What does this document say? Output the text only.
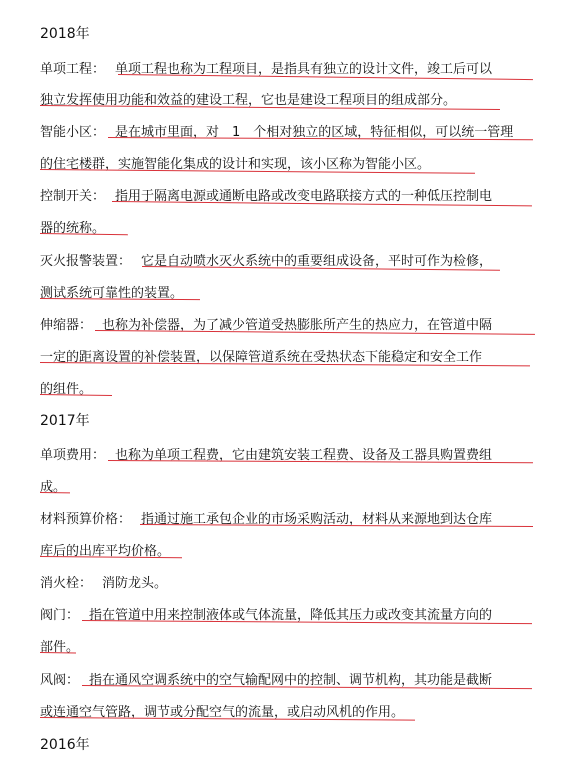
2018年
单项工程： 单项工程也称为工程项目，是指具有独立的设计文件，竣工后可以
独立发挥使用功能和效益的建设工程，它也是建设工程项目的组成部分。
智能小区： 是在城市里面，对　1　个相对独立的区域，特征相似，可以统一管理
的住宅楼群，实施智能化集成的设计和实现，该小区称为智能小区。
控制开关： 指用于隔离电源或通断电路或改变电路联接方式的一种低压控制电
器的统称。
灭火报警装置： 它是自动喷水灭火系统中的重要组成设备，平时可作为检修，
测试系统可靠性的装置。
伸缩器： 也称为补偿器，为了减少管道受热膨胀所产生的热应力，在管道中隔
一定的距离设置的补偿装置，以保障管道系统在受热状态下能稳定和安全工作
的组件。
2017年
单项费用： 也称为单项工程费，它由建筑安装工程费、设备及工器具购置费组
成。
材料预算价格： 指通过施工承包企业的市场采购活动，材料从来源地到达仓库
库后的出库平均价格。
消火栓： 消防龙头。
阀门： 指在管道中用来控制液体或气体流量，降低其压力或改变其流量方向的
部件。
风阀： 指在通风空调系统中的空气输配网中的控制、调节机构，其功能是截断
或连通空气管路，调节或分配空气的流量，或启动风机的作用。
2016年
